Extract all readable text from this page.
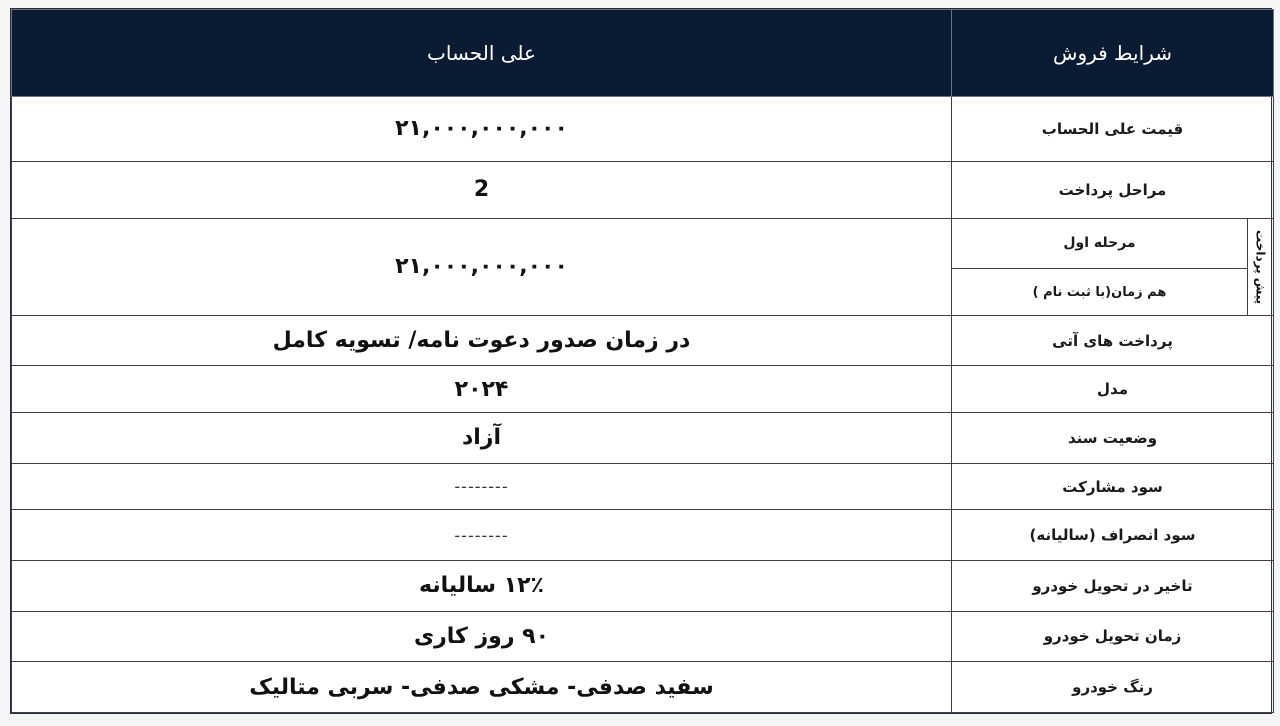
شرایط فروش		علی الحساب
قیمت علی الحساب		۲۱,۰۰۰,۰۰۰,۰۰۰
مراحل پرداخت		2
پیش پرداخت	مرحله اول	۲۱,۰۰۰,۰۰۰,۰۰۰
	هم زمان(با ثبت نام )	
پرداخت های آتی		در زمان صدور دعوت نامه/ تسویه کامل
مدل		۲۰۲۴
وضعیت سند		آزاد
سود مشارکت		--------
سود انصراف (سالیانه)		--------
تاخیر در تحویل خودرو		۱۲٪ سالیانه
زمان تحویل خودرو		۹۰ روز کاری
رنگ خودرو		سفید صدفی- مشکی صدفی- سربی متالیک
